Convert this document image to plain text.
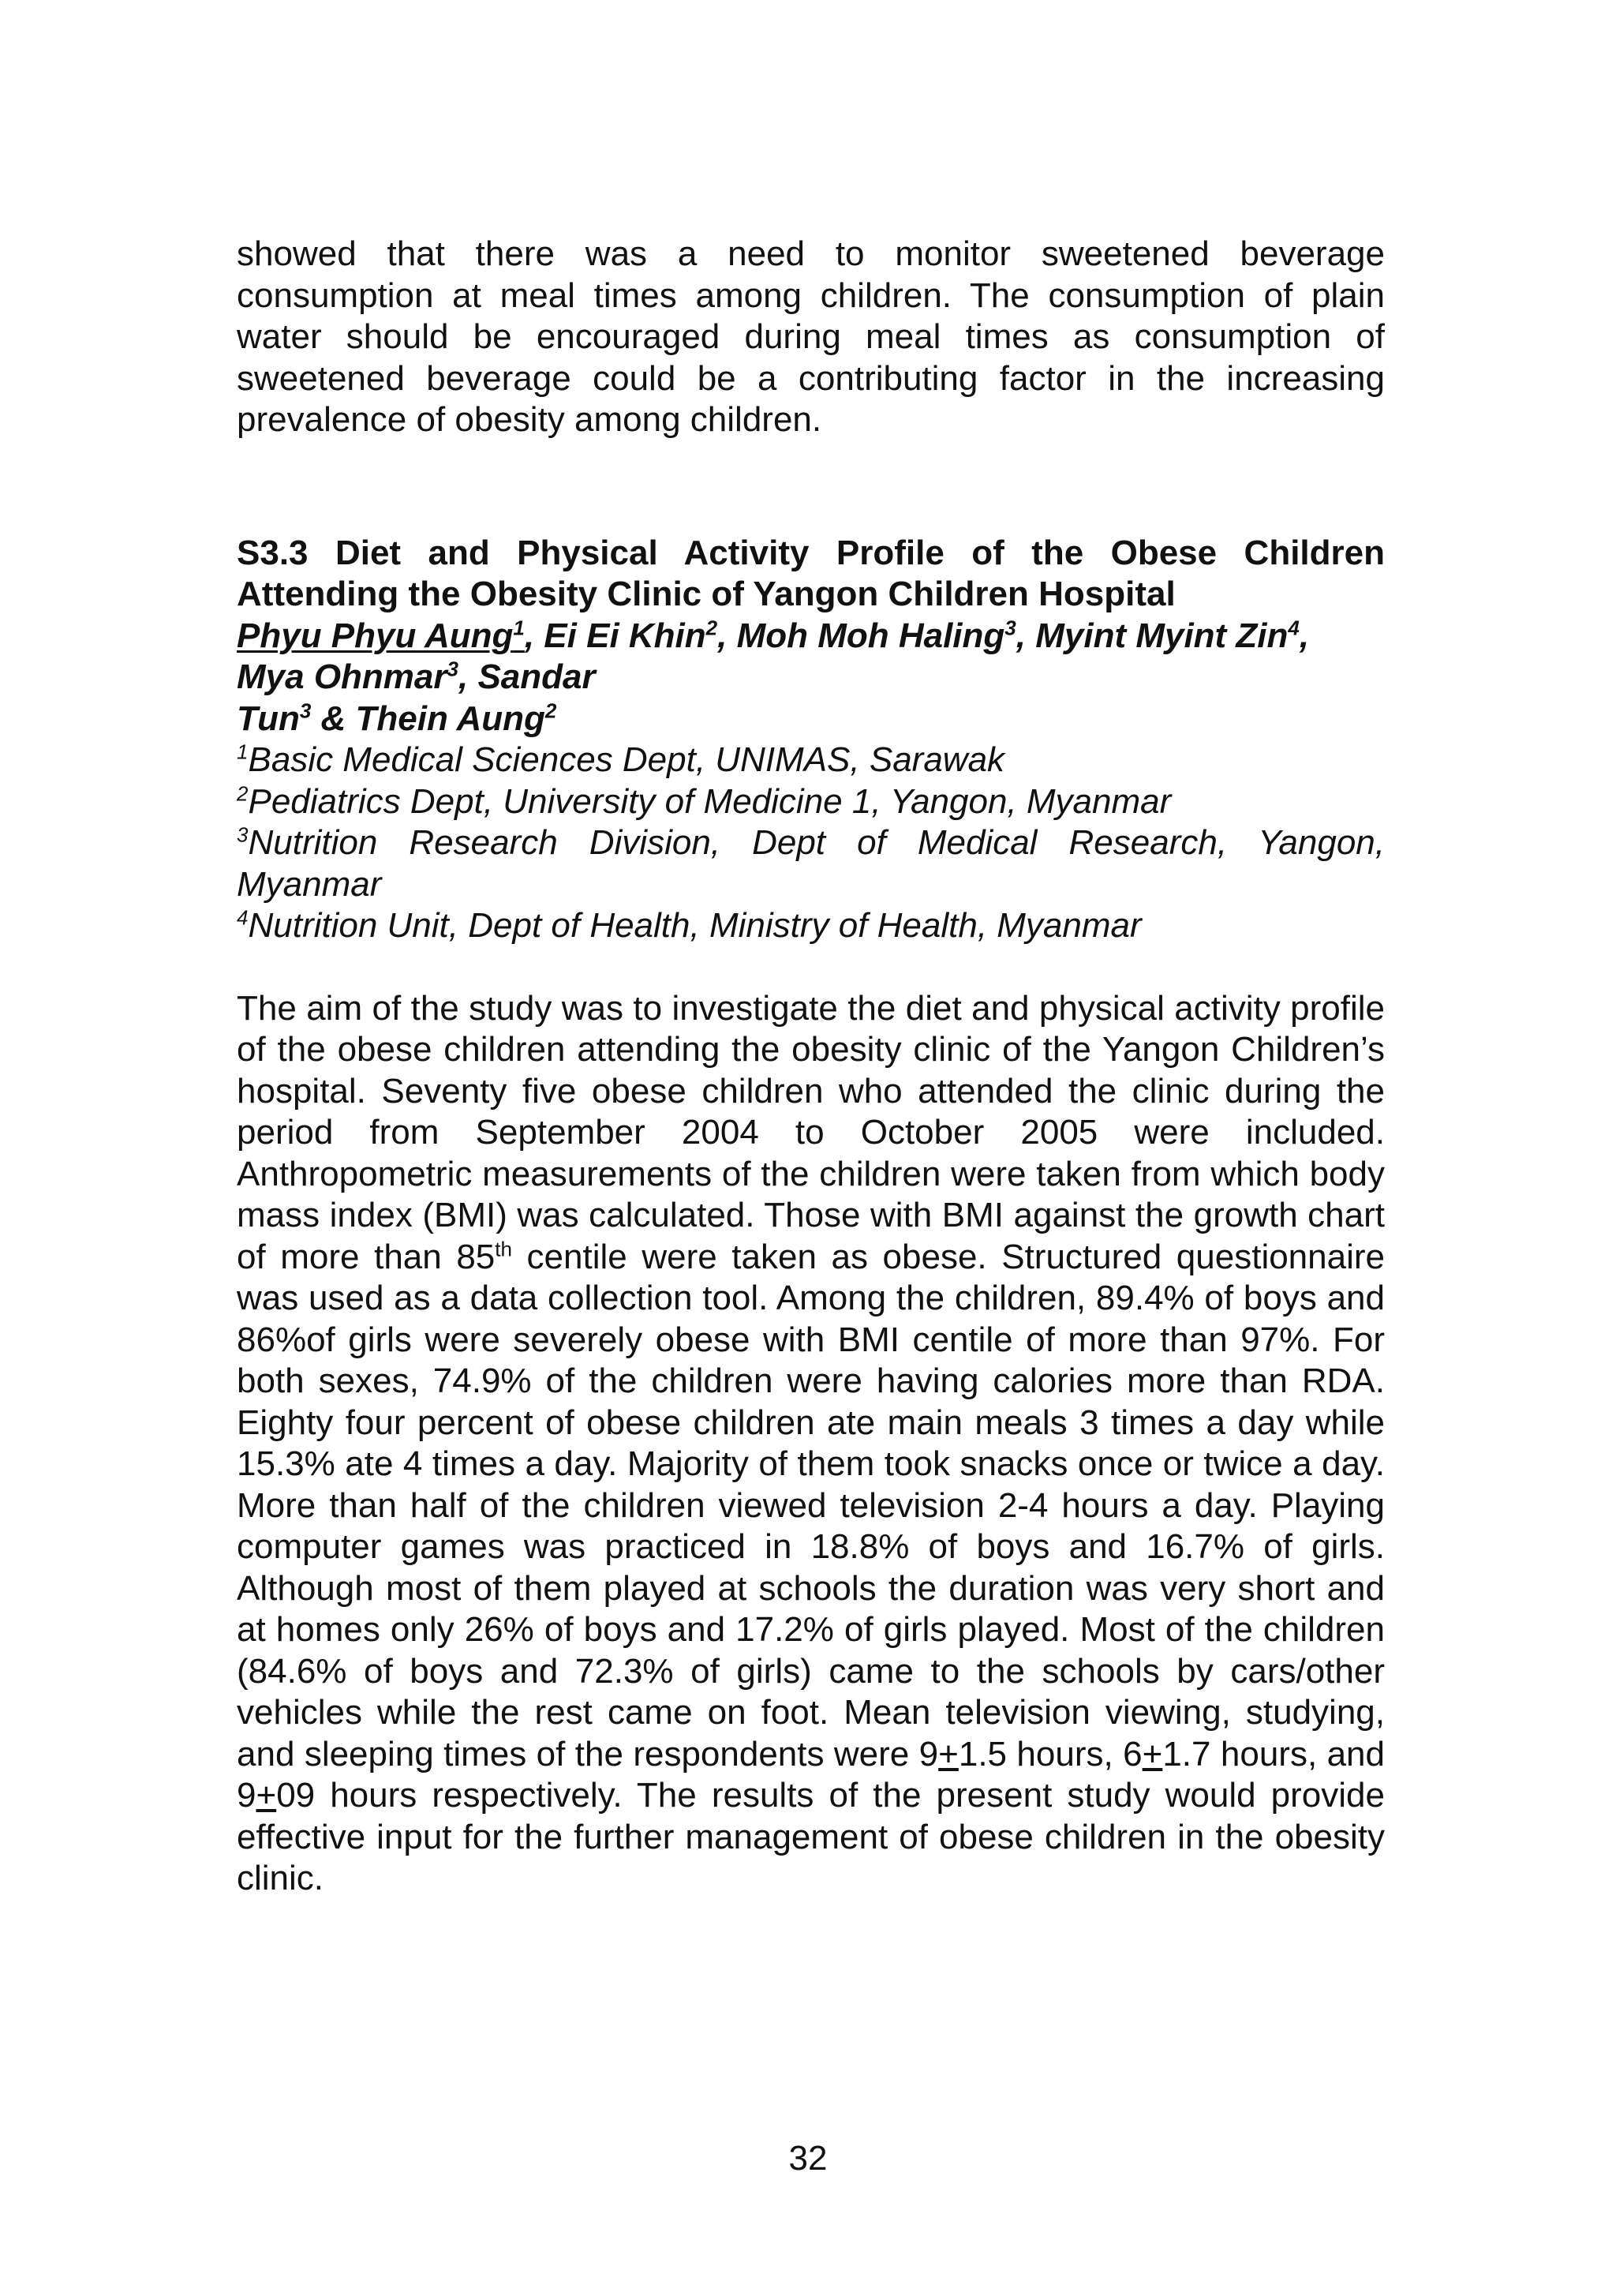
showed that there was a need to monitor sweetened beverage consumption at meal times among children. The consumption of plain water should be encouraged during meal times as consumption of sweetened beverage could be a contributing factor in the increasing prevalence of obesity among children.

S3.3 Diet and Physical Activity Profile of the Obese Children Attending the Obesity Clinic of Yangon Children Hospital

Phyu Phyu Aung$^1$, Ei Ei Khin$^2$, Moh Moh Haling$^3$, Myint Myint Zin$^4$,
Mya Ohnmar$^3$, Sandar
Tun$^3$ & Thein Aung$^2$
$^1$Basic Medical Sciences Dept, UNIMAS, Sarawak
$^2$Pediatrics Dept, University of Medicine 1, Yangon, Myanmar
$^3$Nutrition Research Division, Dept of Medical Research, Yangon, Myanmar
$^4$Nutrition Unit, Dept of Health, Ministry of Health, Myanmar

The aim of the study was to investigate the diet and physical activity profile of the obese children attending the obesity clinic of the Yangon Children’s hospital. Seventy five obese children who attended the clinic during the period from September 2004 to October 2005 were included. Anthropometric measurements of the children were taken from which body mass index (BMI) was calculated. Those with BMI against the growth chart of more than 85th centile were taken as obese. Structured questionnaire was used as a data collection tool. Among the children, 89.4% of boys and 86%of girls were severely obese with BMI centile of more than 97%. For both sexes, 74.9% of the children were having calories more than RDA. Eighty four percent of obese children ate main meals 3 times a day while 15.3% ate 4 times a day. Majority of them took snacks once or twice a day. More than half of the children viewed television 2-4 hours a day. Playing computer games was practiced in 18.8% of boys and 16.7% of girls. Although most of them played at schools the duration was very short and at homes only 26% of boys and 17.2% of girls played. Most of the children (84.6% of boys and 72.3% of girls) came to the schools by cars/other vehicles while the rest came on foot. Mean television viewing, studying, and sleeping times of the respondents were 9+1.5 hours, 6+1.7 hours, and 9+09 hours respectively. The results of the present study would provide effective input for the further management of obese children in the obesity clinic.

32
